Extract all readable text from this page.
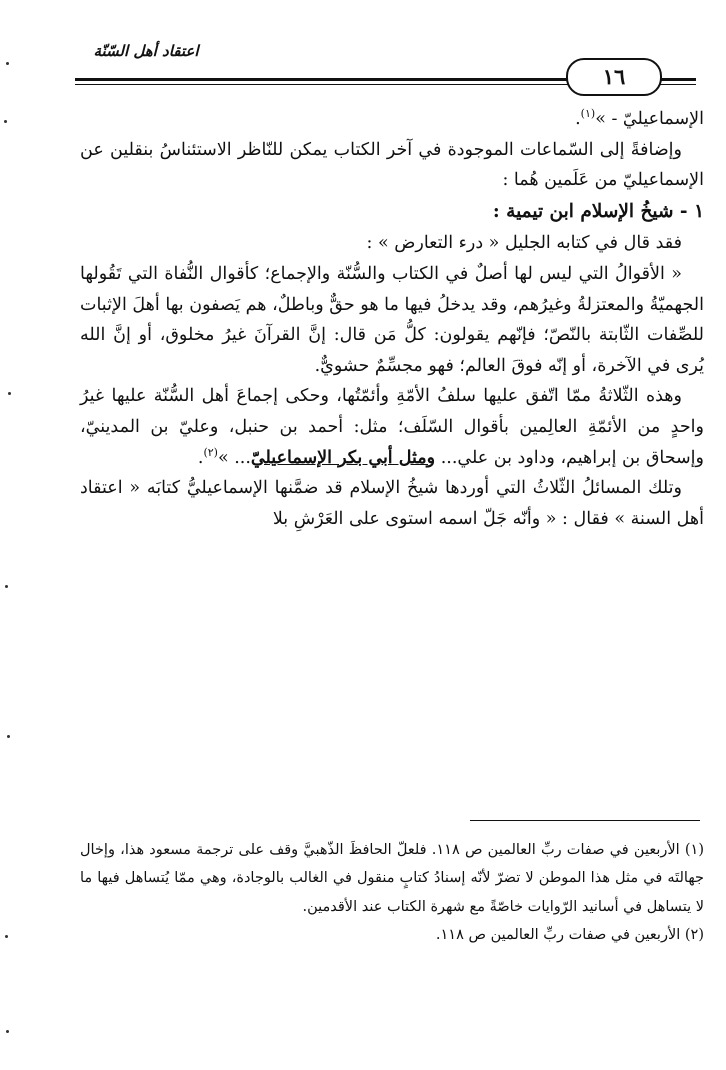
اعتقاد أهل السّنّة
١٦

الإسماعيليّ - »$^{(١)}$.

وإضافةً إلى السّماعات الموجودة في آخر الكتاب يمكن للنّاظر الاستئناسُ بنقلين عن الإسماعيليّ من عَلَمين هُما :

١ - شيخُ الإسلام ابن تيمية :

فقد قال في كتابه الجليل « درء التعارض » :

« الأقوالُ التي ليس لها أصلٌ في الكتاب والسُّنّة والإجماع؛ كأقوال النُّفاة التي تَقُولها الجهميّةُ والمعتزلةُ وغيرُهم، وقد يدخلُ فيها ما هو حقٌّ وباطلٌ، هم يَصفون بها أهلَ الإثبات للصِّفات الثّابتة بالنّصّ؛ فإنّهم يقولون: كلُّ مَن قال: إنَّ القرآنَ غيرُ مخلوق، أو إنَّ الله يُرى في الآخرة، أو إنّه فوقَ العالم؛ فهو مجسِّمٌ حشويٌّ.

وهذه الثّلاثةُ ممّا اتّفق عليها سلفُ الأمّةِ وأئمّتُها، وحكى إجماعَ أهل السُّنّة عليها غيرُ واحدٍ من الأئمّةِ العالِمين بأقوال السّلَف؛ مثل: أحمد بن حنبل، وعليّ بن المدينيّ، وإسحاق بن إبراهيم، وداود بن علي... ومثل أبي بكر الإسماعيليّ... »$^{(٢)}$.

وتلك المسائلُ الثّلاثُ التي أوردها شيخُ الإسلام قد ضمَّنها الإسماعيليُّ كتابَه « اعتقاد أهل السنة » فقال : « وأنّه جَلّ اسمه استوى على العَرْشِ بلا

(١) الأربعين في صفات ربِّ العالمين ص ١١٨. فلعلّ الحافظَ الذّهبيَّ وقف على ترجمة مسعود هذا، وإخال جهالتَه في مثل هذا الموطن لا تضرّ لأنّه إسنادُ كتابٍ منقول في الغالب بالوجادة، وهي ممّا يُتساهل فيها ما لا يتساهل في أسانيد الرّوايات خاصّةً مع شهرة الكتاب عند الأقدمين.

(٢) الأربعين في صفات ربِّ العالمين ص ١١٨.
